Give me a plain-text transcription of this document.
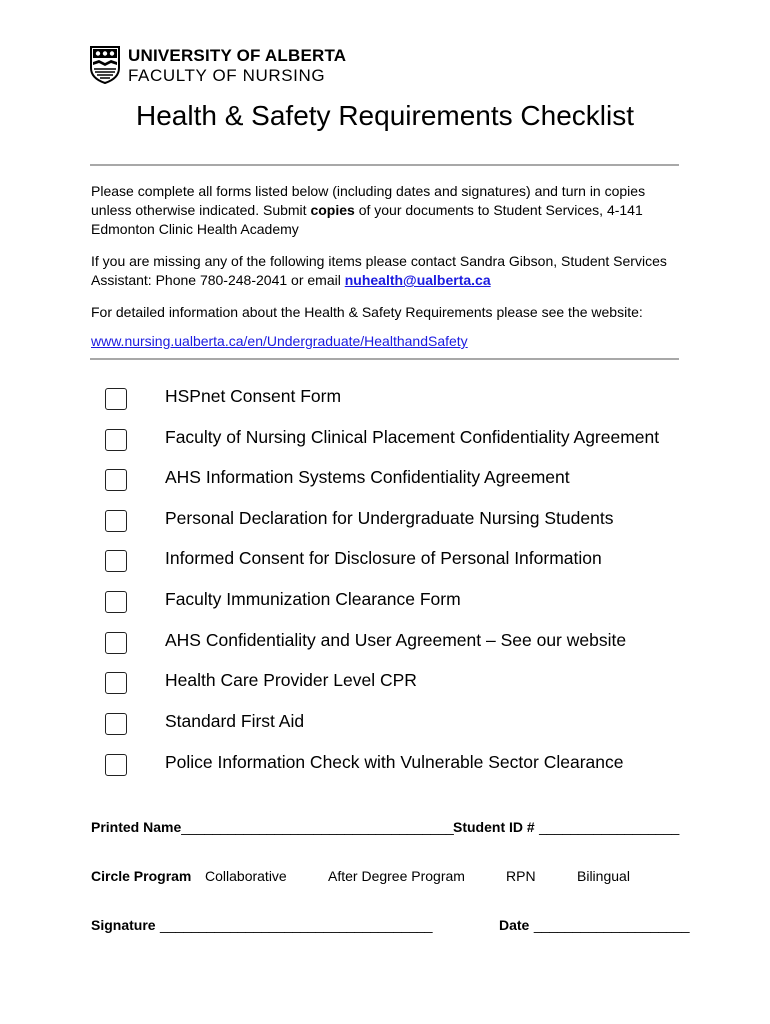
UNIVERSITY OF ALBERTA
FACULTY OF NURSING
Health & Safety Requirements Checklist
Please complete all forms listed below (including dates and signatures) and turn in copies
unless otherwise indicated. Submit copies of your documents to Student Services, 4-141
Edmonton Clinic Health Academy
If you are missing any of the following items please contact Sandra Gibson, Student Services
Assistant: Phone 780-248-2041 or email nuhealth@ualberta.ca
For detailed information about the Health & Safety Requirements please see the website:
www.nursing.ualberta.ca/en/Undergraduate/HealthandSafety
HSPnet Consent Form
Faculty of Nursing Clinical Placement Confidentiality Agreement
AHS Information Systems Confidentiality Agreement
Personal Declaration for Undergraduate Nursing Students
Informed Consent for Disclosure of Personal Information
Faculty Immunization Clearance Form
AHS Confidentiality and User Agreement – See our website
Health Care Provider Level CPR
Standard First Aid
Police Information Check with Vulnerable Sector Clearance
Printed Name___________________________________ Student ID # __________________
Circle Program Collaborative	After Degree Program	RPN	Bilingual
Signature ___________________________________	Date ____________________
